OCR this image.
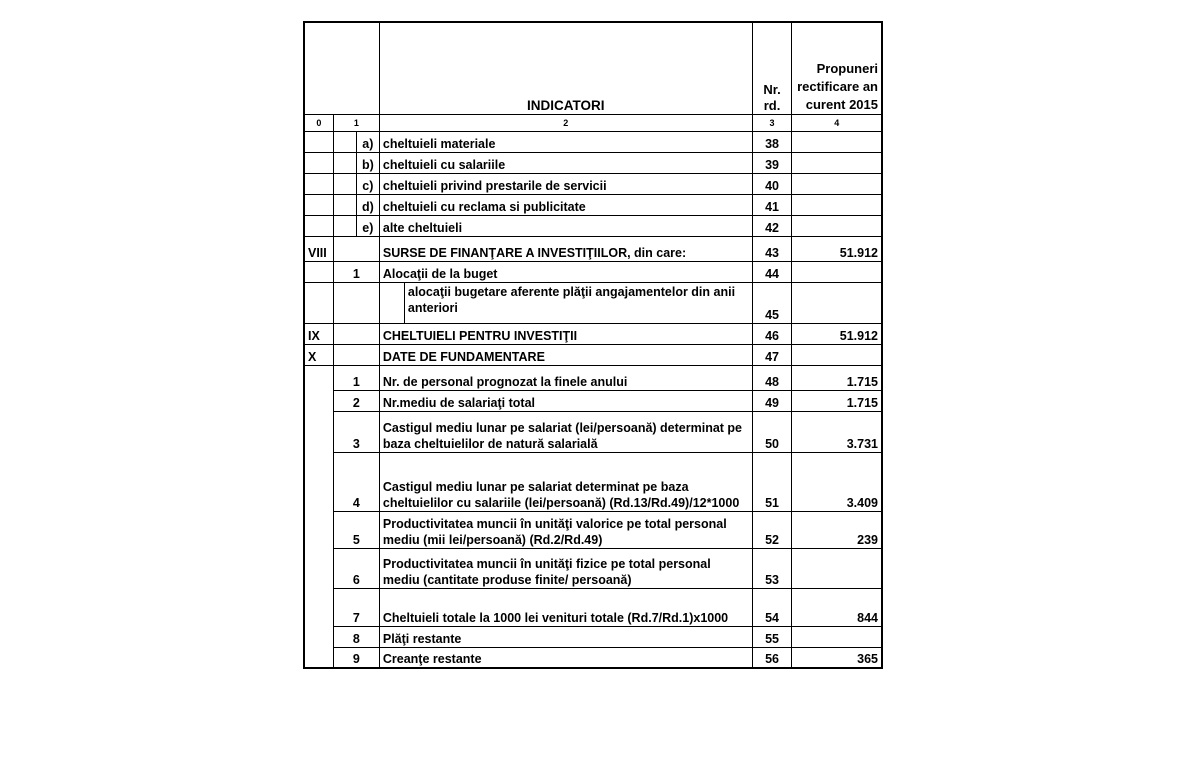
			INDICATORI	Nr. rd.	Propuneri rectificare an curent 2015
0	1		2	3	4
		a)	cheltuieli materiale	38	
		b)	cheltuieli cu salariile	39	
		c)	cheltuieli privind prestarile de servicii	40	
		d)	cheltuieli cu reclama si publicitate	41	
		e)	alte cheltuieli	42	
VIII			SURSE DE FINANŢARE A INVESTIŢIILOR, din care:	43	51.912
	1		Alocaţii de la buget	44	

			alocaţii bugetare aferente plăţii angajamentelor din anii anteriori	45	
IX			CHELTUIELI PENTRU INVESTIŢII	46	51.912
X			DATE DE FUNDAMENTARE	47	
	1		Nr. de personal prognozat la finele anului	48	1.715
	2		Nr.mediu de salariaţi total	49	1.715
	3		Castigul mediu lunar pe salariat (lei/persoană) determinat pe baza cheltuielilor de natură salarială	50	3.731
	4		Castigul mediu lunar pe salariat determinat pe baza cheltuielilor cu salariile (lei/persoană) (Rd.13/Rd.49)/12*1000	51	3.409
	5		Productivitatea muncii în unităţi valorice pe total personal mediu (mii lei/persoană) (Rd.2/Rd.49)	52	239
	6		Productivitatea muncii în unităţi fizice pe total personal mediu (cantitate produse finite/ persoană)	53	
	7		Cheltuieli totale la 1000 lei venituri totale (Rd.7/Rd.1)x1000	54	844
	8		Plăţi restante	55	
	9		Creanţe restante	56	365
